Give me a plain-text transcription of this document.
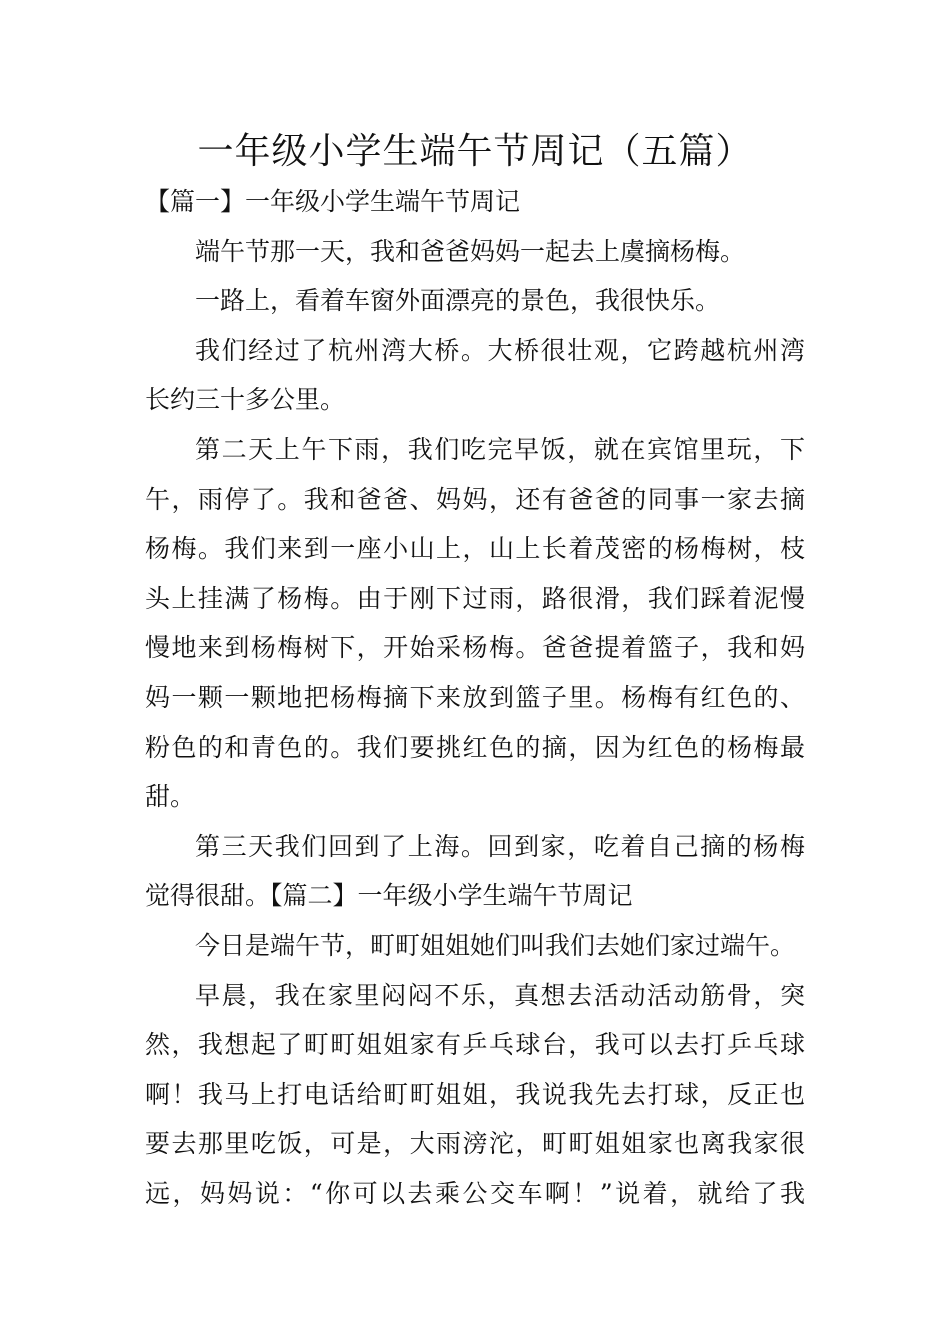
一年级小学生端午节周记（五篇）
【篇一】一年级小学生端午节周记
端午节那一天，我和爸爸妈妈一起去上虞摘杨梅。
一路上，看着车窗外面漂亮的景色，我很快乐。
我们经过了杭州湾大桥。大桥很壮观，它跨越杭州湾
长约三十多公里。
第二天上午下雨，我们吃完早饭，就在宾馆里玩，下
午，雨停了。我和爸爸、妈妈，还有爸爸的同事一家去摘
杨梅。我们来到一座小山上，山上长着茂密的杨梅树，枝
头上挂满了杨梅。由于刚下过雨，路很滑，我们踩着泥慢
慢地来到杨梅树下，开始采杨梅。爸爸提着篮子，我和妈
妈一颗一颗地把杨梅摘下来放到篮子里。杨梅有红色的、
粉色的和青色的。我们要挑红色的摘，因为红色的杨梅最
甜。
第三天我们回到了上海。回到家，吃着自己摘的杨梅
觉得很甜。【篇二】一年级小学生端午节周记
今日是端午节，町町姐姐她们叫我们去她们家过端午。
早晨，我在家里闷闷不乐，真想去活动活动筋骨，突
然，我想起了町町姐姐家有乒乓球台，我可以去打乒乓球
啊！我马上打电话给町町姐姐，我说我先去打球，反正也
要去那里吃饭，可是，大雨滂沱，町町姐姐家也离我家很
远，妈妈说：“你可以去乘公交车啊！”说着，就给了我
